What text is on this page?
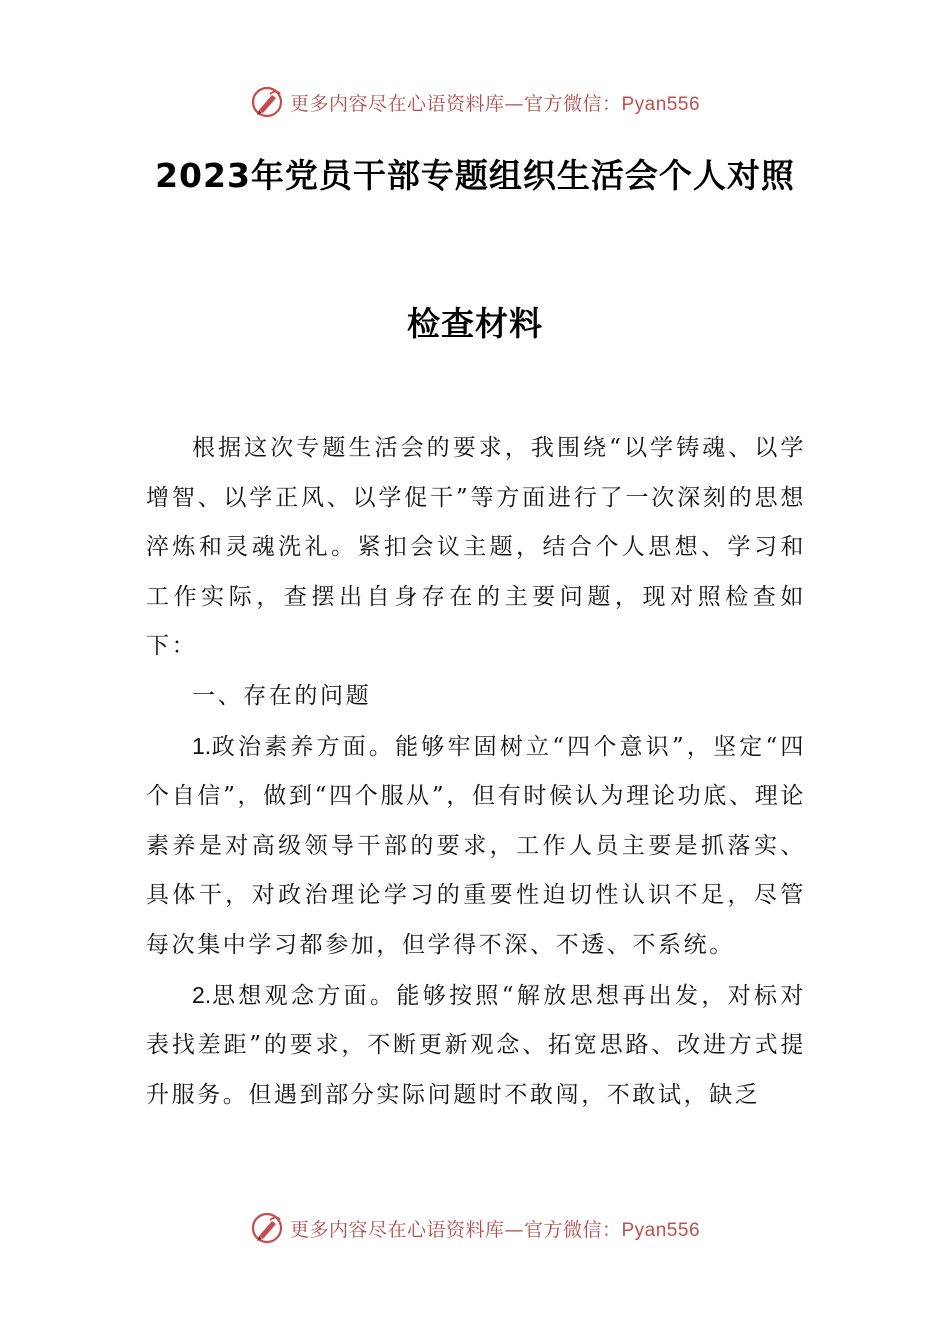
更多内容尽在心语资料库—官方微信：Pyan556
2023年党员干部专题组织生活会个人对照
检查材料

根据这次专题生活会的要求，我围绕“以学铸魂、以学增智、以学正风、以学促干”等方面进行了一次深刻的思想淬炼和灵魂洗礼。紧扣会议主题，结合个人思想、学习和工作实际，查摆出自身存在的主要问题，现对照检查如下：

一、存在的问题

1.政治素养方面。能够牢固树立“四个意识”，坚定“四个自信”，做到“四个服从”，但有时候认为理论功底、理论素养是对高级领导干部的要求，工作人员主要是抓落实、具体干，对政治理论学习的重要性迫切性认识不足，尽管每次集中学习都参加，但学得不深、不透、不系统。

2.思想观念方面。能够按照“解放思想再出发，对标对表找差距”的要求，不断更新观念、拓宽思路、改进方式提升服务。但遇到部分实际问题时不敢闯，不敢试，缺乏

更多内容尽在心语资料库—官方微信：Pyan556
